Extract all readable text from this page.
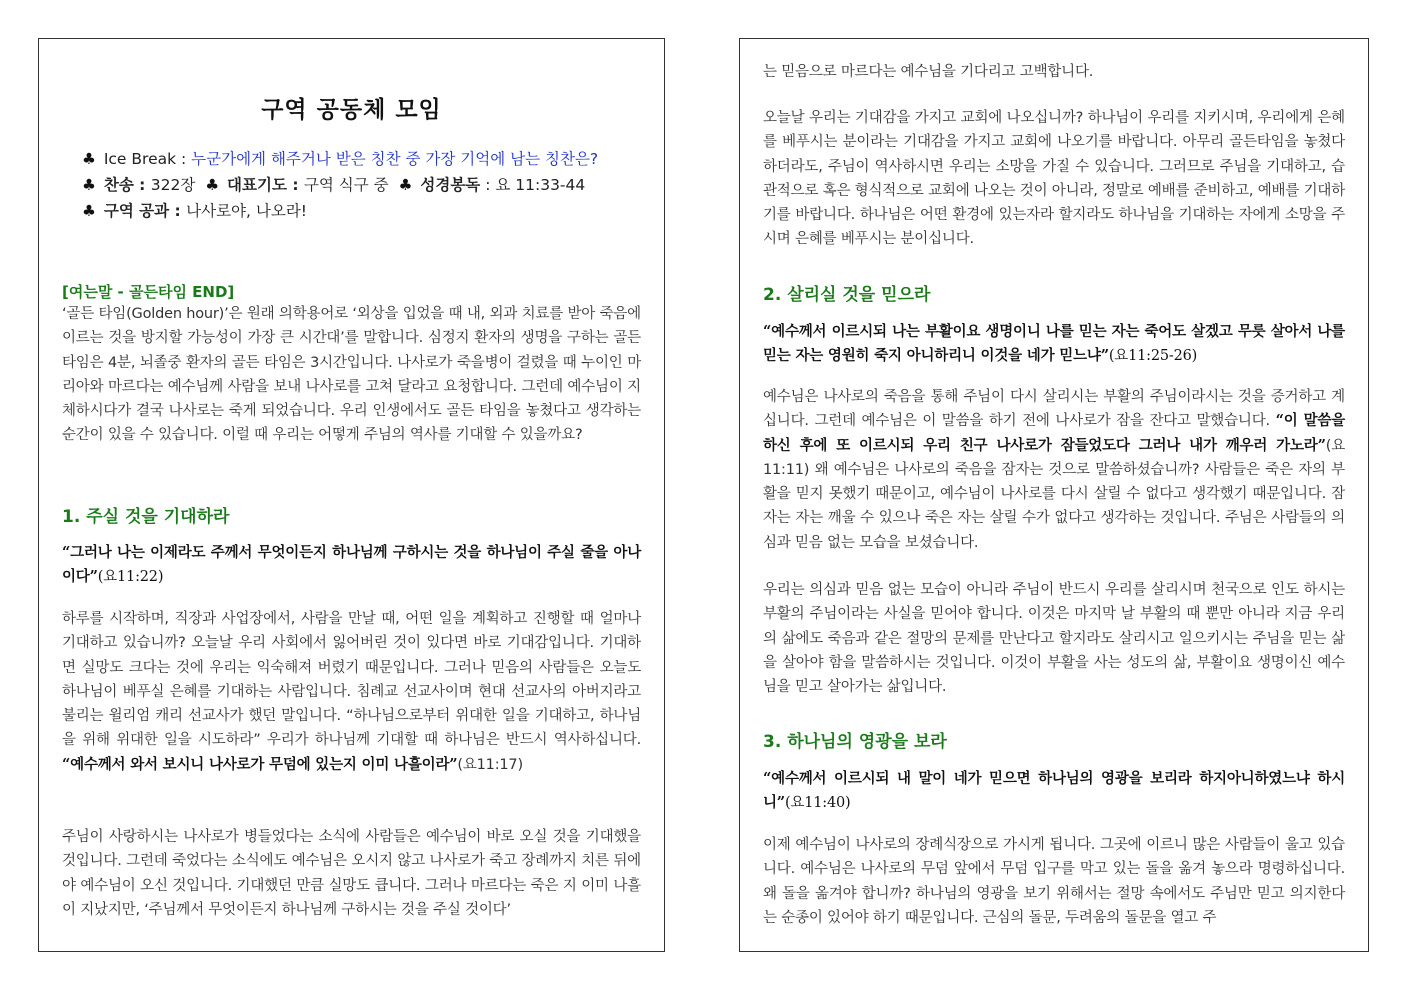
구역 공동체 모임
♣ Ice Break : 누군가에게 해주거나 받은 칭찬 중 가장 기억에 남는 칭찬은?
♣ 찬송 : 322장 ♣ 대표기도 : 구역 식구 중 ♣ 성경봉독 : 요 11:33-44
♣ 구역 공과 : 나사로야, 나오라!
[여는말 - 골든타임 END]

‘골든 타임(Golden hour)’은 원래 의학용어로 ‘외상을 입었을 때 내, 외과 치료를 받아 죽음에 이르는 것을 방지할 가능성이 가장 큰 시간대’를 말합니다. 심정지 환자의 생명을 구하는 골든 타임은 4분, 뇌졸중 환자의 골든 타임은 3시간입니다. 나사로가 죽을병이 걸렸을 때 누이인 마리아와 마르다는 예수님께 사람을 보내 나사로를 고쳐 달라고 요청합니다. 그런데 예수님이 지체하시다가 결국 나사로는 죽게 되었습니다. 우리 인생에서도 골든 타임을 놓쳤다고 생각하는 순간이 있을 수 있습니다. 이럴 때 우리는 어떻게 주님의 역사를 기대할 수 있을까요?

1. 주실 것을 기대하라

“그러나 나는 이제라도 주께서 무엇이든지 하나님께 구하시는 것을 하나님이 주실 줄을 아나이다”(요11:22)

하루를 시작하며, 직장과 사업장에서, 사람을 만날 때, 어떤 일을 계획하고 진행할 때 얼마나 기대하고 있습니까? 오늘날 우리 사회에서 잃어버린 것이 있다면 바로 기대감입니다. 기대하면 실망도 크다는 것에 우리는 익숙해져 버렸기 때문입니다. 그러나 믿음의 사람들은 오늘도 하나님이 베푸실 은혜를 기대하는 사람입니다. 침례교 선교사이며 현대 선교사의 아버지라고 불리는 윌리엄 캐리 선교사가 했던 말입니다. “하나님으로부터 위대한 일을 기대하고, 하나님을 위해 위대한 일을 시도하라” 우리가 하나님께 기대할 때 하나님은 반드시 역사하십니다. “예수께서 와서 보시니 나사로가 무덤에 있는지 이미 나흘이라”(요11:17)

주님이 사랑하시는 나사로가 병들었다는 소식에 사람들은 예수님이 바로 오실 것을 기대했을 것입니다. 그런데 죽었다는 소식에도 예수님은 오시지 않고 나사로가 죽고 장례까지 치른 뒤에야 예수님이 오신 것입니다. 기대했던 만큼 실망도 큽니다. 그러나 마르다는 죽은 지 이미 나흘이 지났지만, ‘주님께서 무엇이든지 하나님께 구하시는 것을 주실 것이다’

는 믿음으로 마르다는 예수님을 기다리고 고백합니다.

오늘날 우리는 기대감을 가지고 교회에 나오십니까? 하나님이 우리를 지키시며, 우리에게 은혜를 베푸시는 분이라는 기대감을 가지고 교회에 나오기를 바랍니다. 아무리 골든타임을 놓쳤다 하더라도, 주님이 역사하시면 우리는 소망을 가질 수 있습니다. 그러므로 주님을 기대하고, 습관적으로 혹은 형식적으로 교회에 나오는 것이 아니라, 정말로 예배를 준비하고, 예배를 기대하기를 바랍니다. 하나님은 어떤 환경에 있는자라 할지라도 하나님을 기대하는 자에게 소망을 주시며 은혜를 베푸시는 분이십니다.

2. 살리실 것을 믿으라

“예수께서 이르시되 나는 부활이요 생명이니 나를 믿는 자는 죽어도 살겠고 무릇 살아서 나를 믿는 자는 영원히 죽지 아니하리니 이것을 네가 믿느냐”(요11:25-26)

예수님은 나사로의 죽음을 통해 주님이 다시 살리시는 부활의 주님이라시는 것을 증거하고 계십니다. 그런데 예수님은 이 말씀을 하기 전에 나사로가 잠을 잔다고 말했습니다. “이 말씀을 하신 후에 또 이르시되 우리 친구 나사로가 잠들었도다 그러나 내가 깨우러 가노라”(요11:11) 왜 예수님은 나사로의 죽음을 잠자는 것으로 말씀하셨습니까? 사람들은 죽은 자의 부활을 믿지 못했기 때문이고, 예수님이 나사로를 다시 살릴 수 없다고 생각했기 때문입니다. 잠자는 자는 깨울 수 있으나 죽은 자는 살릴 수가 없다고 생각하는 것입니다. 주님은 사람들의 의심과 믿음 없는 모습을 보셨습니다.

우리는 의심과 믿음 없는 모습이 아니라 주님이 반드시 우리를 살리시며 천국으로 인도 하시는 부활의 주님이라는 사실을 믿어야 합니다. 이것은 마지막 날 부활의 때 뿐만 아니라 지금 우리의 삶에도 죽음과 같은 절망의 문제를 만난다고 할지라도 살리시고 일으키시는 주님을 믿는 삶을 살아야 함을 말씀하시는 것입니다. 이것이 부활을 사는 성도의 삶, 부활이요 생명이신 예수님을 믿고 살아가는 삶입니다.

3. 하나님의 영광을 보라

“예수께서 이르시되 내 말이 네가 믿으면 하나님의 영광을 보리라 하지아니하였느냐 하시니”(요11:40)

이제 예수님이 나사로의 장례식장으로 가시게 됩니다. 그곳에 이르니 많은 사람들이 울고 있습니다. 예수님은 나사로의 무덤 앞에서 무덤 입구를 막고 있는 돌을 옮겨 놓으라 명령하십니다. 왜 돌을 옮겨야 합니까? 하나님의 영광을 보기 위해서는 절망 속에서도 주님만 믿고 의지한다는 순종이 있어야 하기 때문입니다. 근심의 돌문, 두려움의 돌문을 열고 주
